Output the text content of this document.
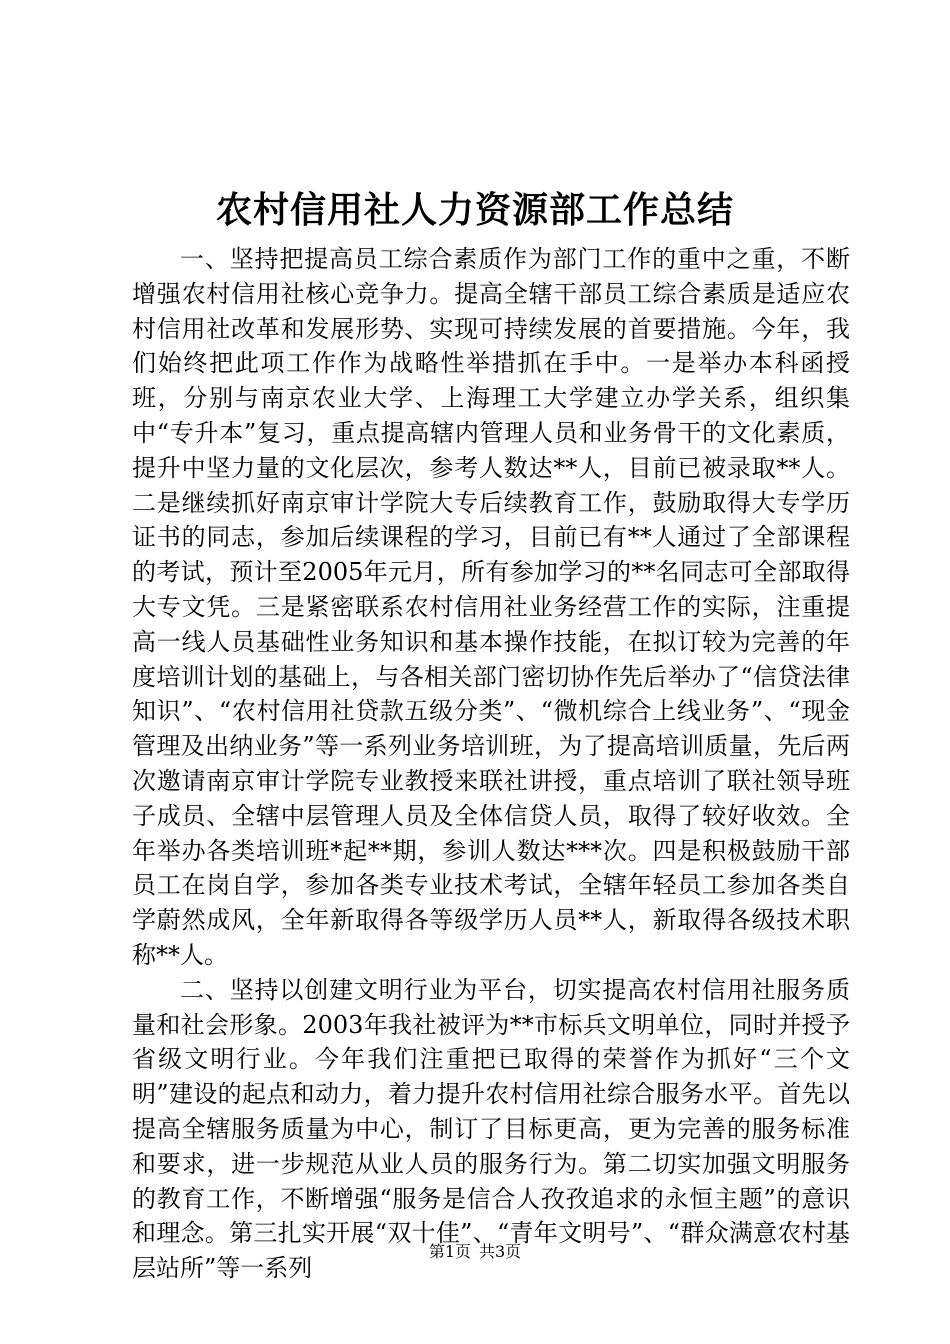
农村信用社人力资源部工作总结

一、坚持把提高员工综合素质作为部门工作的重中之重，不断增强农村信用社核心竞争力。提高全辖干部员工综合素质是适应农村信用社改革和发展形势、实现可持续发展的首要措施。今年，我们始终把此项工作作为战略性举措抓在手中。一是举办本科函授班，分别与南京农业大学、上海理工大学建立办学关系，组织集中“专升本”复习，重点提高辖内管理人员和业务骨干的文化素质，提升中坚力量的文化层次，参考人数达**人，目前已被录取**人。二是继续抓好南京审计学院大专后续教育工作，鼓励取得大专学历证书的同志，参加后续课程的学习，目前已有**人通过了全部课程的考试，预计至2005年元月，所有参加学习的**名同志可全部取得大专文凭。三是紧密联系农村信用社业务经营工作的实际，注重提高一线人员基础性业务知识和基本操作技能，在拟订较为完善的年度培训计划的基础上，与各相关部门密切协作先后举办了“信贷法律知识”、“农村信用社贷款五级分类”、“微机综合上线业务”、“现金管理及出纳业务”等一系列业务培训班，为了提高培训质量，先后两次邀请南京审计学院专业教授来联社讲授，重点培训了联社领导班子成员、全辖中层管理人员及全体信贷人员，取得了较好收效。全年举办各类培训班*起**期，参训人数达***次。四是积极鼓励干部员工在岗自学，参加各类专业技术考试，全辖年轻员工参加各类自学蔚然成风，全年新取得各等级学历人员**人，新取得各级技术职称**人。

二、坚持以创建文明行业为平台，切实提高农村信用社服务质量和社会形象。2003年我社被评为**市标兵文明单位，同时并授予省级文明行业。今年我们注重把已取得的荣誉作为抓好“三个文明”建设的起点和动力，着力提升农村信用社综合服务水平。首先以提高全辖服务质量为中心，制订了目标更高，更为完善的服务标准和要求，进一步规范从业人员的服务行为。第二切实加强文明服务的教育工作，不断增强“服务是信合人孜孜追求的永恒主题”的意识和理念。第三扎实开展“双十佳”、“青年文明号”、“群众满意农村基层站所”等一系列

第1页 共3页
